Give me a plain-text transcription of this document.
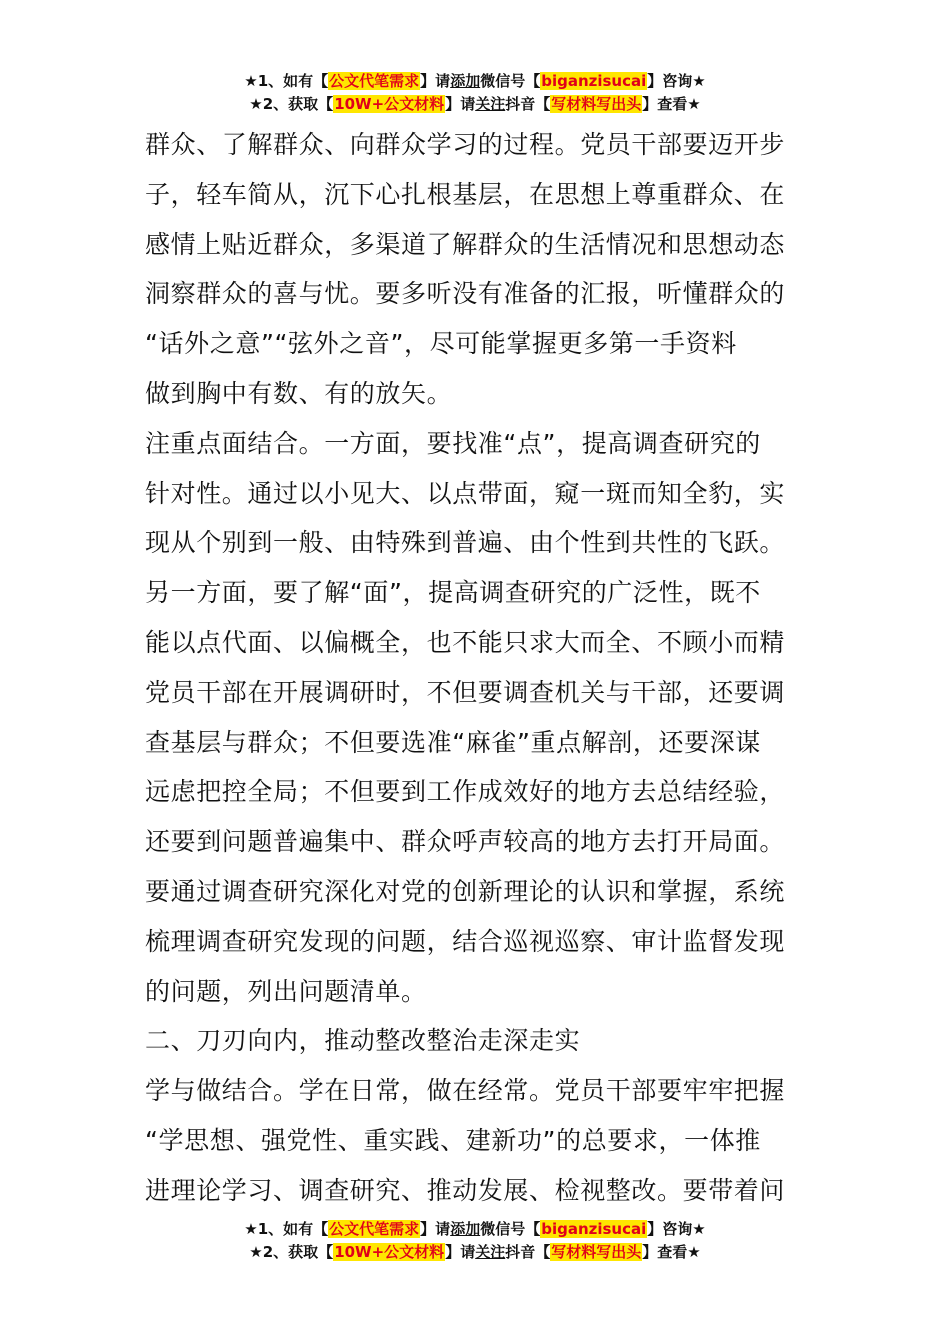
★1、如有【公文代笔需求】请添加微信号【biganzisucai】咨询★
★2、获取【10W+公文材料】请关注抖音【写材料写出头】查看★
群众、了解群众、向群众学习的过程。党员干部要迈开步
子，轻车简从，沉下心扎根基层，在思想上尊重群众、在
感情上贴近群众，多渠道了解群众的生活情况和思想动态
洞察群众的喜与忧。要多听没有准备的汇报，听懂群众的
“话外之意”“弦外之音”，尽可能掌握更多第一手资料
做到胸中有数、有的放矢。
注重点面结合。一方面，要找准“点”，提高调查研究的
针对性。通过以小见大、以点带面，窥一斑而知全豹，实
现从个别到一般、由特殊到普遍、由个性到共性的飞跃。
另一方面，要了解“面”，提高调查研究的广泛性，既不
能以点代面、以偏概全，也不能只求大而全、不顾小而精
党员干部在开展调研时，不但要调查机关与干部，还要调
查基层与群众；不但要选准“麻雀”重点解剖，还要深谋
远虑把控全局；不但要到工作成效好的地方去总结经验，
还要到问题普遍集中、群众呼声较高的地方去打开局面。
要通过调查研究深化对党的创新理论的认识和掌握，系统
梳理调查研究发现的问题，结合巡视巡察、审计监督发现
的问题，列出问题清单。
二、刀刃向内，推动整改整治走深走实
学与做结合。学在日常，做在经常。党员干部要牢牢把握
“学思想、强党性、重实践、建新功”的总要求，一体推
进理论学习、调查研究、推动发展、检视整改。要带着问
★1、如有【公文代笔需求】请添加微信号【biganzisucai】咨询★
★2、获取【10W+公文材料】请关注抖音【写材料写出头】查看★
